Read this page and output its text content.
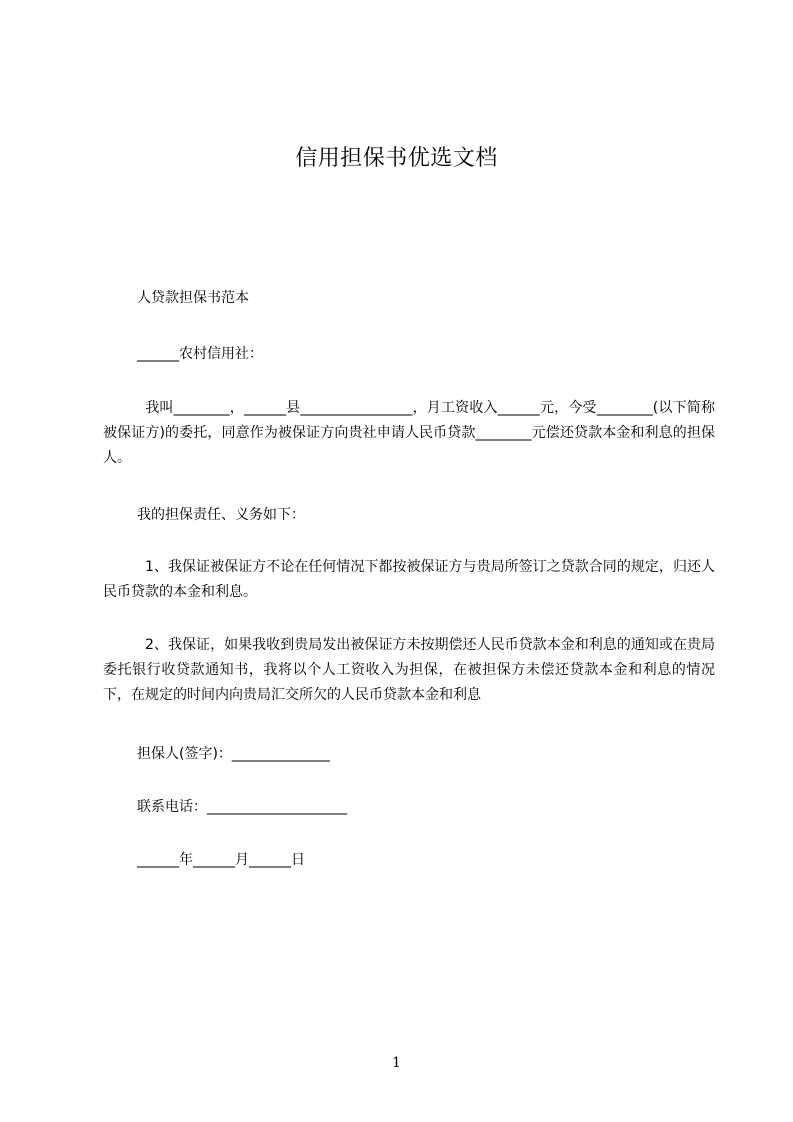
信用担保书优选文档
人贷款担保书范本
______农村信用社：
　我叫________，______县________________，月工资收入______元，今受________(以下简称被保证方)的委托，同意作为被保证方向贵社申请人民币贷款________元偿还贷款本金和利息的担保人。
我的担保责任、义务如下：
　1、我保证被保证方不论在任何情况下都按被保证方与贵局所签订之贷款合同的规定，归还人民币贷款的本金和利息。
　2、我保证，如果我收到贵局发出被保证方未按期偿还人民币贷款本金和利息的通知或在贵局委托银行收贷款通知书，我将以个人工资收入为担保，在被担保方未偿还贷款本金和利息的情况下，在规定的时间内向贵局汇交所欠的人民币贷款本金和利息
担保人(签字)：______________
联系电话：____________________
______年______月______日
1
